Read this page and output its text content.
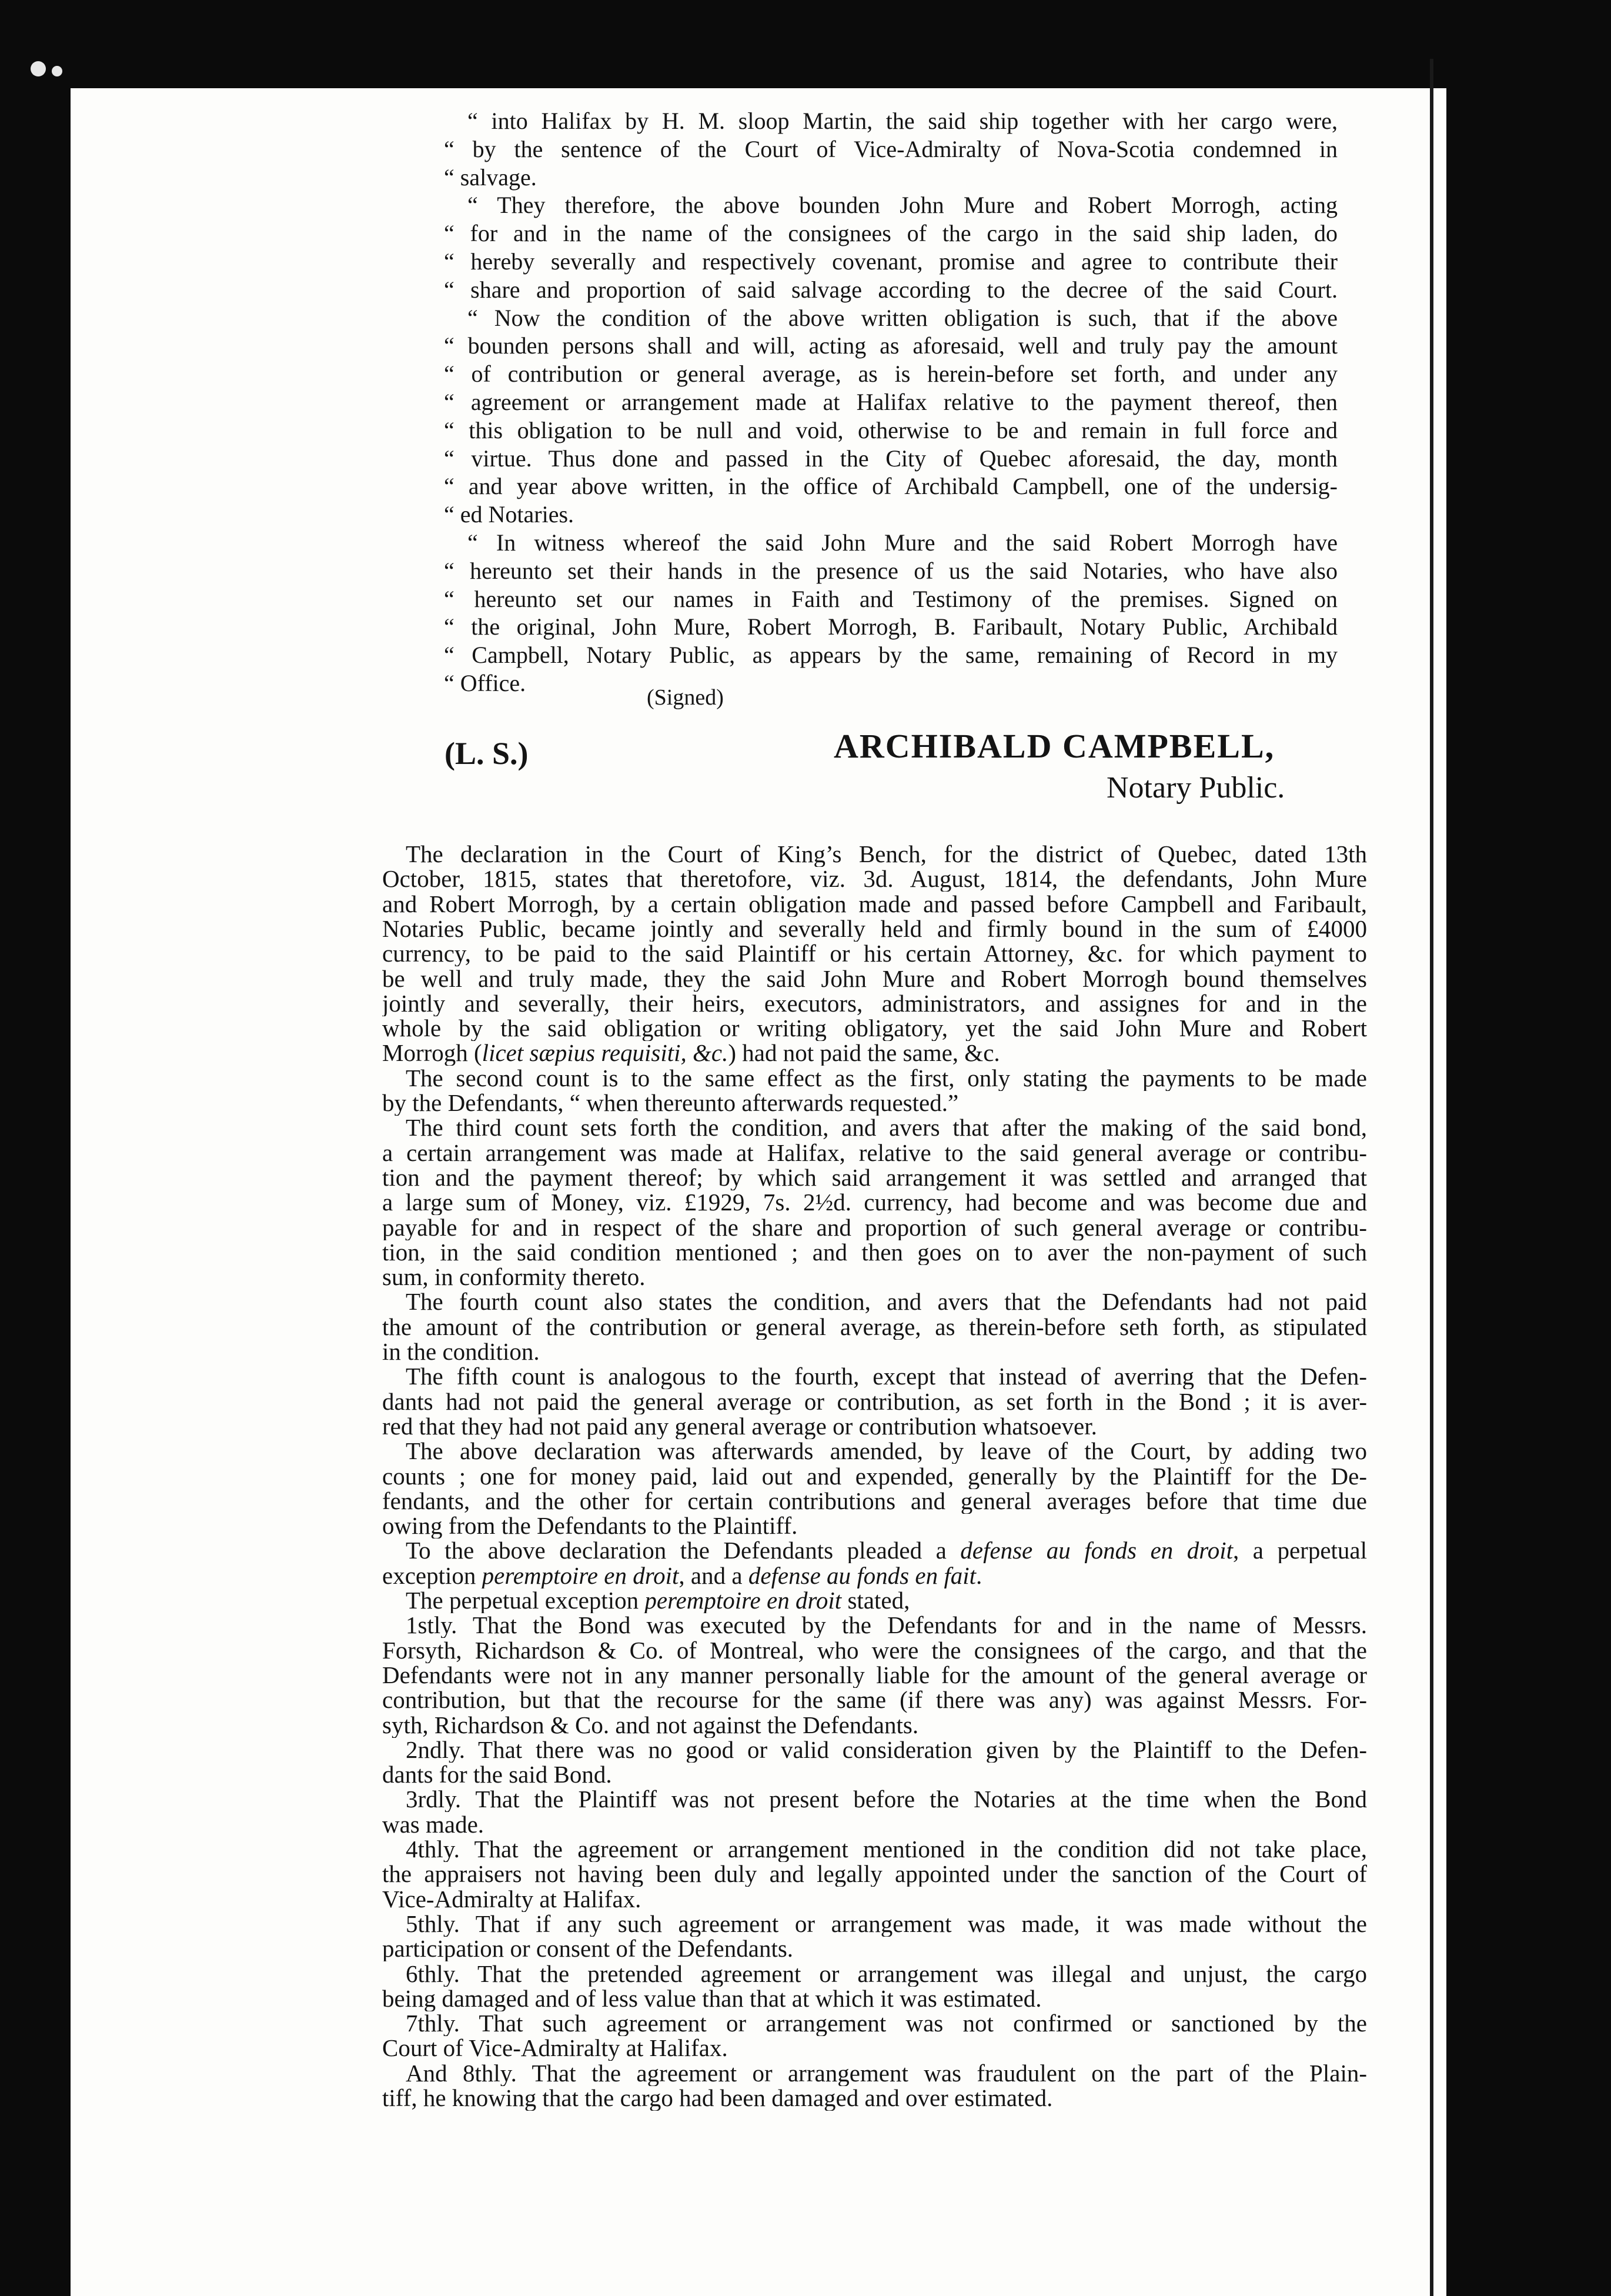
“ into Halifax by H. M. sloop Martin, the said ship together with her cargo were,
“ by the sentence of the Court of Vice-Admiralty of Nova-Scotia condemned in
“ salvage.
“ They therefore, the above bounden John Mure and Robert Morrogh, acting
“ for and in the name of the consignees of the cargo in the said ship laden, do
“ hereby severally and respectively covenant, promise and agree to contribute their
“ share and proportion of said salvage according to the decree of the said Court.
“ Now the condition of the above written obligation is such, that if the above
“ bounden persons shall and will, acting as aforesaid, well and truly pay the amount
“ of contribution or general average, as is herein-before set forth, and under any
“ agreement or arrangement made at Halifax relative to the payment thereof, then
“ this obligation to be null and void, otherwise to be and remain in full force and
“ virtue. Thus done and passed in the City of Quebec aforesaid, the day, month
“ and year above written, in the office of Archibald Campbell, one of the undersig-
“ ed Notaries.
“ In witness whereof the said John Mure and the said Robert Morrogh have
“ hereunto set their hands in the presence of us the said Notaries, who have also
“ hereunto set our names in Faith and Testimony of the premises. Signed on
“ the original, John Mure, Robert Morrogh, B. Faribault, Notary Public, Archibald
“ Campbell, Notary Public, as appears by the same, remaining of Record in my
“ Office.
(Signed)
(L. S.)	ARCHIBALD CAMPBELL,
Notary Public.
The declaration in the Court of King’s Bench, for the district of Quebec, dated 13th
October, 1815, states that theretofore, viz. 3d. August, 1814, the defendants, John Mure
and Robert Morrogh, by a certain obligation made and passed before Campbell and Faribault,
Notaries Public, became jointly and severally held and firmly bound in the sum of £4000
currency, to be paid to the said Plaintiff or his certain Attorney, &c. for which payment to
be well and truly made, they the said John Mure and Robert Morrogh bound themselves
jointly and severally, their heirs, executors, administrators, and assignes for and in the
whole by the said obligation or writing obligatory, yet the said John Mure and Robert
Morrogh (licet sæpius requisiti, &c.) had not paid the same, &c.
The second count is to the same effect as the first, only stating the payments to be made
by the Defendants, “ when thereunto afterwards requested.”
The third count sets forth the condition, and avers that after the making of the said bond,
a certain arrangement was made at Halifax, relative to the said general average or contribu-
tion and the payment thereof; by which said arrangement it was settled and arranged that
a large sum of Money, viz. £1929, 7s. 2½d. currency, had become and was become due and
payable for and in respect of the share and proportion of such general average or contribu-
tion, in the said condition mentioned ; and then goes on to aver the non-payment of such
sum, in conformity thereto.
The fourth count also states the condition, and avers that the Defendants had not paid
the amount of the contribution or general average, as therein-before seth forth, as stipulated
in the condition.
The fifth count is analogous to the fourth, except that instead of averring that the Defen-
dants had not paid the general average or contribution, as set forth in the Bond ; it is aver-
red that they had not paid any general average or contribution whatsoever.
The above declaration was afterwards amended, by leave of the Court, by adding two
counts ; one for money paid, laid out and expended, generally by the Plaintiff for the De-
fendants, and the other for certain contributions and general averages before that time due
owing from the Defendants to the Plaintiff.
To the above declaration the Defendants pleaded a defense au fonds en droit, a perpetual
exception peremptoire en droit, and a defense au fonds en fait.
The perpetual exception peremptoire en droit stated,
1stly. That the Bond was executed by the Defendants for and in the name of Messrs.
Forsyth, Richardson & Co. of Montreal, who were the consignees of the cargo, and that the
Defendants were not in any manner personally liable for the amount of the general average or
contribution, but that the recourse for the same (if there was any) was against Messrs. For-
syth, Richardson & Co. and not against the Defendants.
2ndly. That there was no good or valid consideration given by the Plaintiff to the Defen-
dants for the said Bond.
3rdly. That the Plaintiff was not present before the Notaries at the time when the Bond
was made.
4thly. That the agreement or arrangement mentioned in the condition did not take place,
the appraisers not having been duly and legally appointed under the sanction of the Court of
Vice-Admiralty at Halifax.
5thly. That if any such agreement or arrangement was made, it was made without the
participation or consent of the Defendants.
6thly. That the pretended agreement or arrangement was illegal and unjust, the cargo
being damaged and of less value than that at which it was estimated.
7thly. That such agreement or arrangement was not confirmed or sanctioned by the
Court of Vice-Admiralty at Halifax.
And 8thly. That the agreement or arrangement was fraudulent on the part of the Plain-
tiff, he knowing that the cargo had been damaged and over estimated.
